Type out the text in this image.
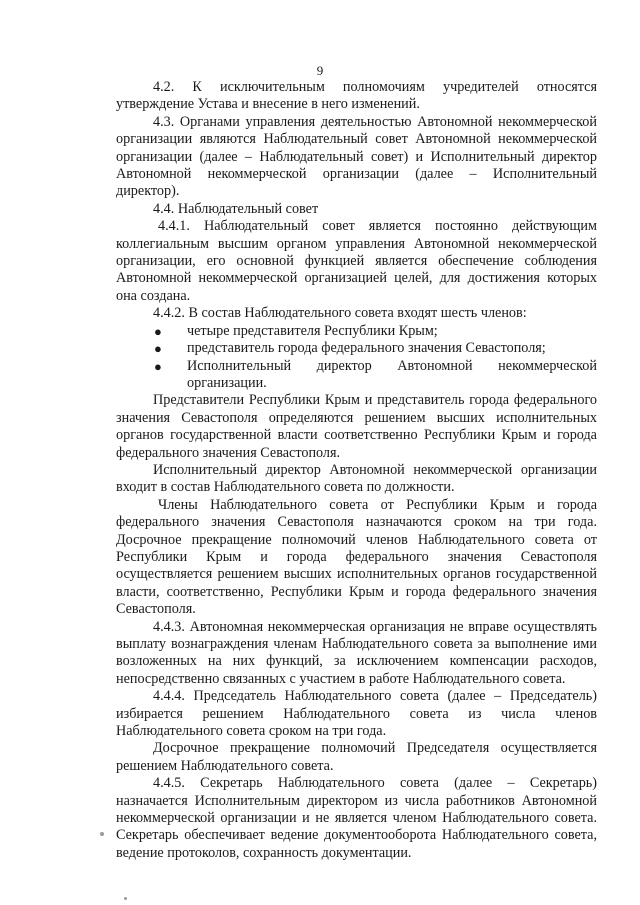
9

4.2. К исключительным полномочиям учредителей относятся утверждение Устава и внесение в него изменений.

4.3. Органами управления деятельностью Автономной некоммерческой организации являются Наблюдательный совет Автономной некоммерческой организации (далее – Наблюдательный совет) и Исполнительный директор Автономной некоммерческой организации (далее – Исполнительный директор).

4.4. Наблюдательный совет

4.4.1. Наблюдательный совет является постоянно действующим коллегиальным высшим органом управления Автономной некоммерческой организации, его основной функцией является обеспечение соблюдения Автономной некоммерческой организацией целей, для достижения которых она создана.

4.4.2. В состав Наблюдательного совета входят шесть членов:

● четыре представителя Республики Крым;
● представитель города федерального значения Севастополя;
● Исполнительный директор Автономной некоммерческой организации.

Представители Республики Крым и представитель города федерального значения Севастополя определяются решением высших исполнительных органов государственной власти соответственно Республики Крым и города федерального значения Севастополя.

Исполнительный директор Автономной некоммерческой организации входит в состав Наблюдательного совета по должности.

Члены Наблюдательного совета от Республики Крым и города федерального значения Севастополя назначаются сроком на три года. Досрочное прекращение полномочий членов Наблюдательного совета от Республики Крым и города федерального значения Севастополя осуществляется решением высших исполнительных органов государственной власти, соответственно, Республики Крым и города федерального значения Севастополя.

4.4.3. Автономная некоммерческая организация не вправе осуществлять выплату вознаграждения членам Наблюдательного совета за выполнение ими возложенных на них функций, за исключением компенсации расходов, непосредственно связанных с участием в работе Наблюдательного совета.

4.4.4. Председатель Наблюдательного совета (далее – Председатель) избирается решением Наблюдательного совета из числа членов Наблюдательного совета сроком на три года.

Досрочное прекращение полномочий Председателя осуществляется решением Наблюдательного совета.

4.4.5. Секретарь Наблюдательного совета (далее – Секретарь) назначается Исполнительным директором из числа работников Автономной некоммерческой организации и не является членом Наблюдательного совета. Секретарь обеспечивает ведение документооборота Наблюдательного совета, ведение протоколов, сохранность документации.
